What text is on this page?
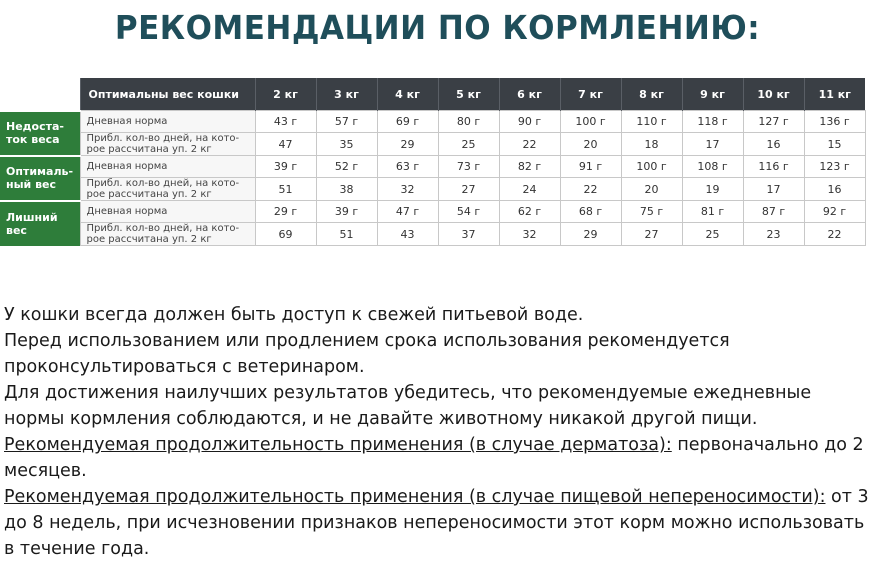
РЕКОМЕНДАЦИИ ПО КОРМЛЕНИЮ:
	Оптимальны вес кошки	2 кг	3 кг	4 кг	5 кг	6 кг	7 кг	8 кг	9 кг	10 кг	11 кг
Недоста- ток веса	Дневная норма	43 г	57 г	69 г	80 г	90 г	100 г	110 г	118 г	127 г	136 г
	Прибл. кол-во дней, на кото- рое рассчитана уп. 2 кг	47	35	29	25	22	20	18	17	16	15
Оптималь- ный вес	Дневная норма	39 г	52 г	63 г	73 г	82 г	91 г	100 г	108 г	116 г	123 г
	Прибл. кол-во дней, на кото- рое рассчитана уп. 2 кг	51	38	32	27	24	22	20	19	17	16
Лишний вес	Дневная норма	29 г	39 г	47 г	54 г	62 г	68 г	75 г	81 г	87 г	92 г
	Прибл. кол-во дней, на кото- рое рассчитана уп. 2 кг	69	51	43	37	32	29	27	25	23	22

У кошки всегда должен быть доступ к свежей питьевой воде.

Перед использованием или продлением срока использования рекомендуется проконсультироваться с ветеринаром.

Для достижения наилучших результатов убедитесь, что рекомендуемые ежедневные нормы кормления соблюдаются, и не давайте животному никакой другой пищи.

Рекомендуемая продолжительность применения (в случае дерматоза): первоначально до 2 месяцев.

Рекомендуемая продолжительность применения (в случае пищевой непереносимости): от 3 до 8 недель, при исчезновении признаков непереносимости этот корм можно использовать в течение года.
